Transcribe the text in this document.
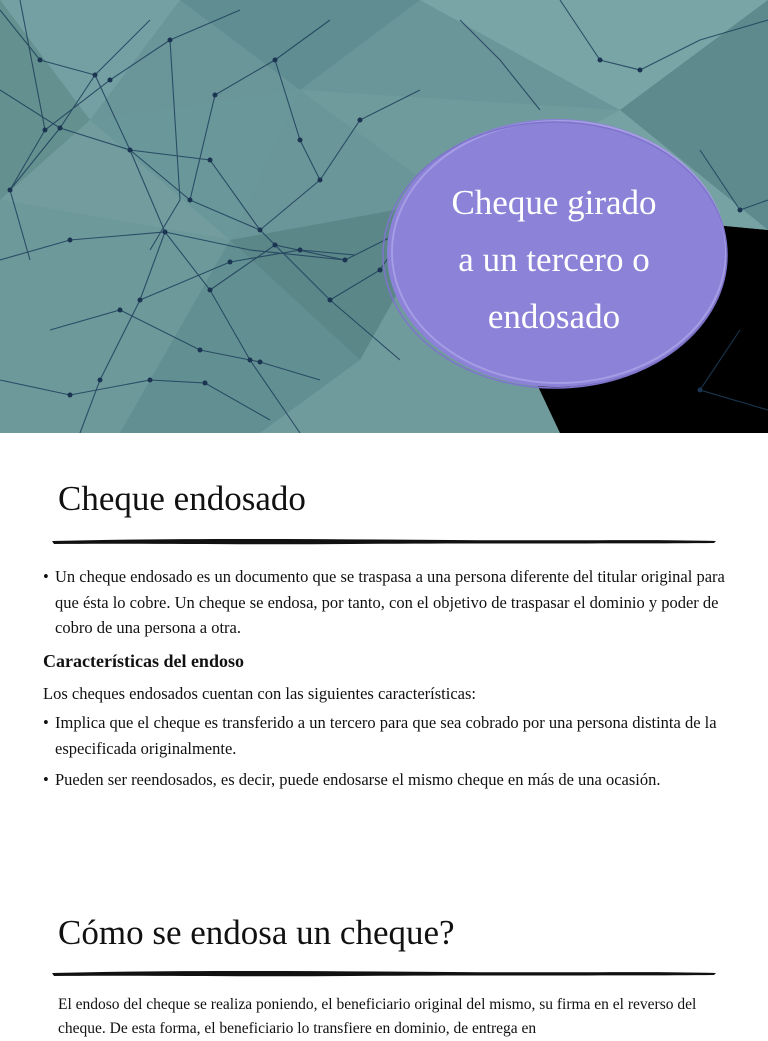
Cheque girado
a un tercero o
endosado
Cheque endosado
• Un cheque endosado es un documento que se traspasa a una persona diferente del titular original para que ésta lo cobre. Un cheque se endosa, por tanto, con el objetivo de traspasar el dominio y poder de cobro de una persona a otra.
Características del endoso
Los cheques endosados cuentan con las siguientes características:
• Implica que el cheque es transferido a un tercero para que sea cobrado por una persona distinta de la especificada originalmente.
• Pueden ser reendosados, es decir, puede endosarse el mismo cheque en más de una ocasión.
Cómo se endosa un cheque?
El endoso del cheque se realiza poniendo, el beneficiario original del mismo, su firma en el reverso del cheque. De esta forma, el beneficiario lo transfiere en dominio, de entrega en
